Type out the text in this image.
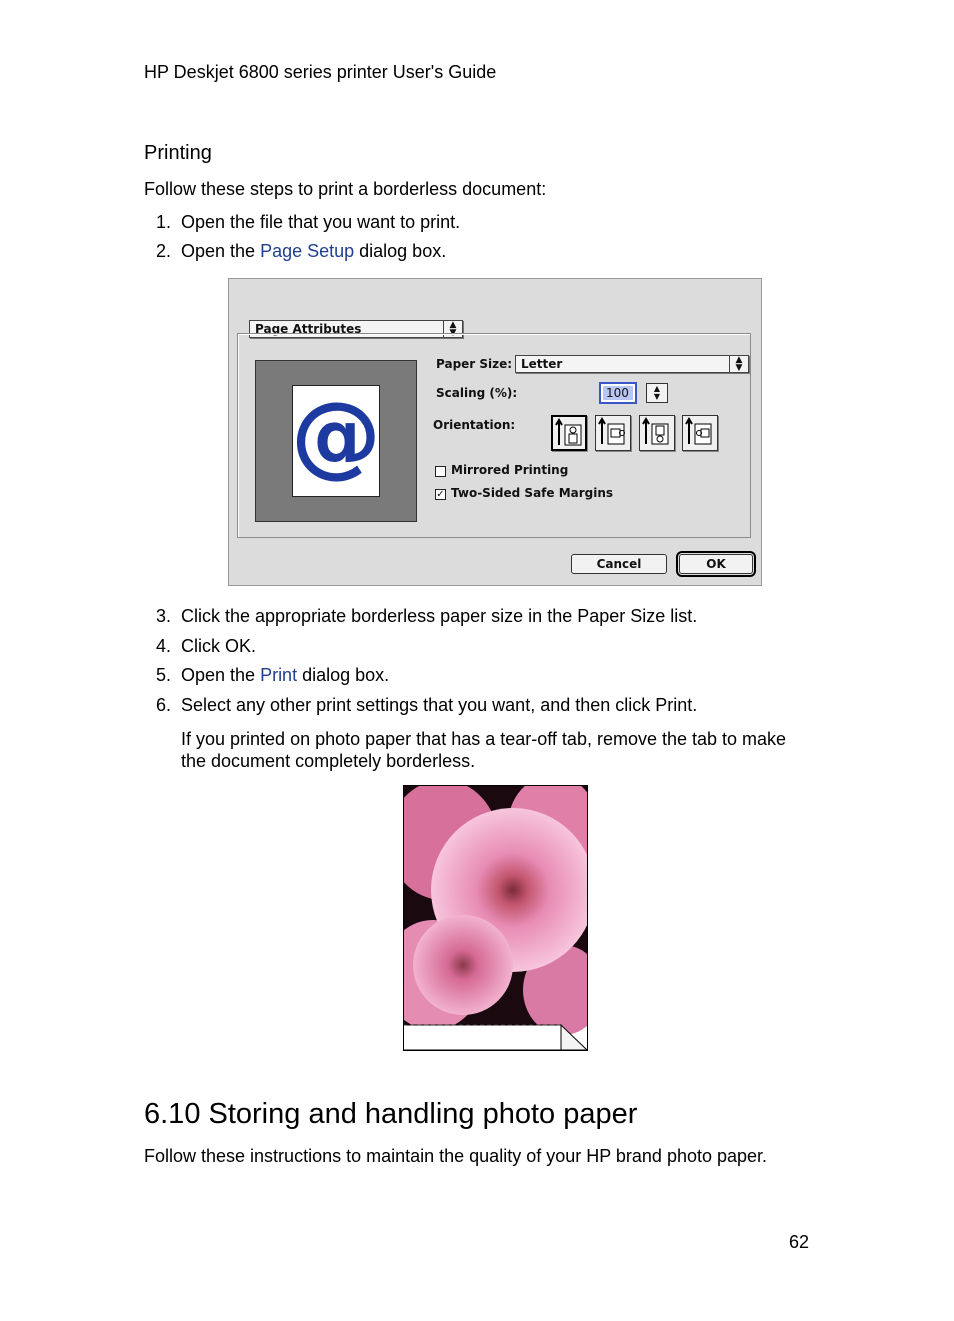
HP Deskjet 6800 series printer User's Guide
Printing
Follow these steps to print a borderless document:
1. Open the file that you want to print.
2. Open the Page Setup dialog box.
Page Attributes	▲
▼
@
Paper Size: Letter	▲
▼
Scaling (%):	100	▲
▼
Orientation:
Mirrored Printing
✓ Two-Sided Safe Margins
Cancel	OK
3. Click the appropriate borderless paper size in the Paper Size list.
4. Click OK.
5. Open the Print dialog box.
6. Select any other print settings that you want, and then click Print.
If you printed on photo paper that has a tear-off tab, remove the tab to make the document completely borderless.
6.10 Storing and handling photo paper
Follow these instructions to maintain the quality of your HP brand photo paper.
62
